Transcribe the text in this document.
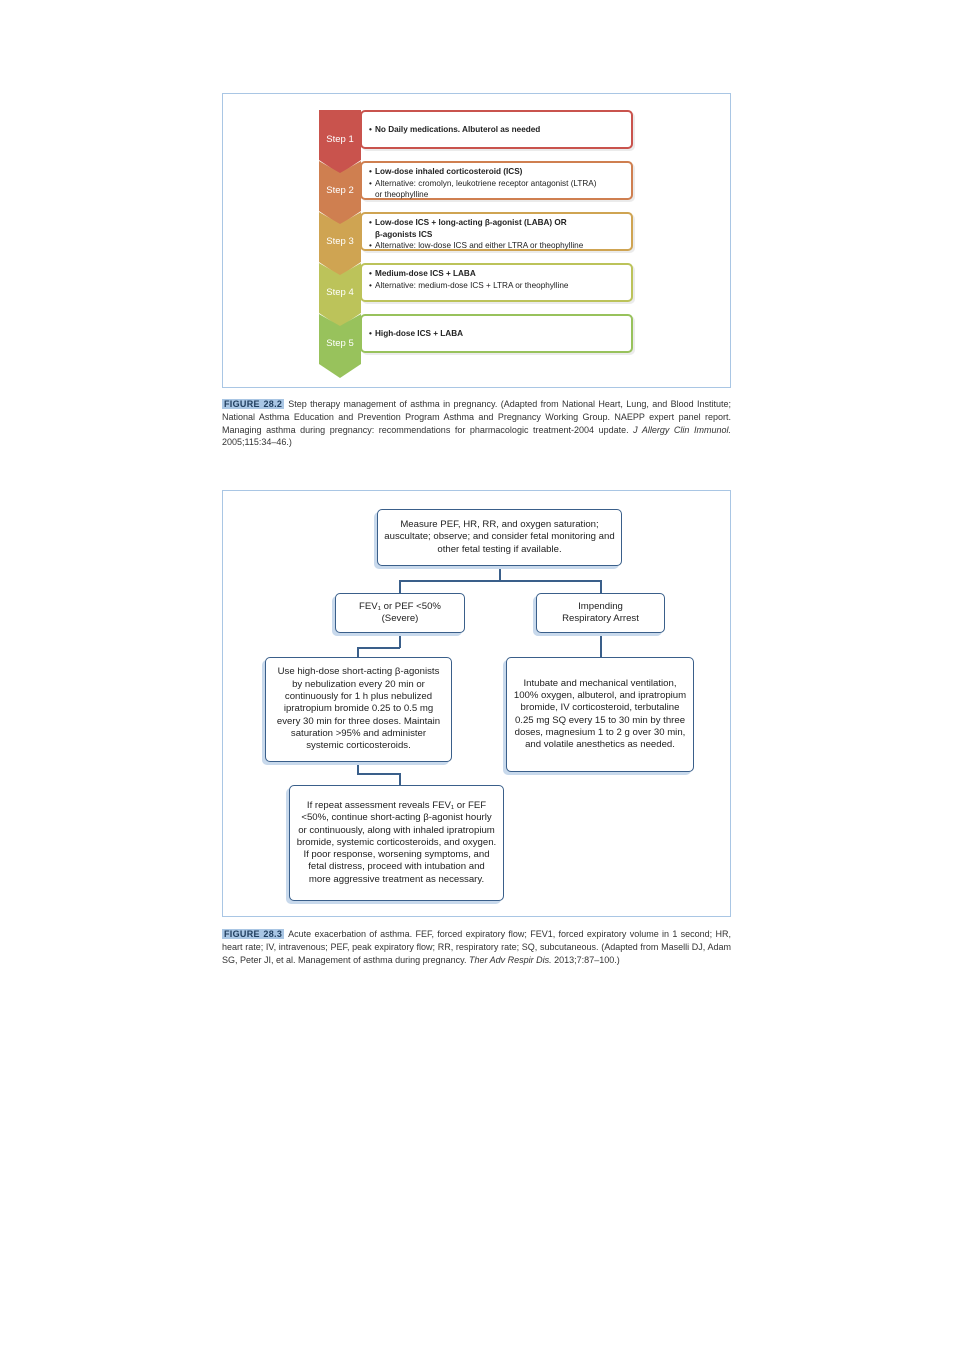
Step 1
• No Daily medications. Albuterol as needed
Step 2
• Low-dose inhaled corticosteroid (ICS)
• Alternative: cromolyn, leukotriene receptor antagonist (LTRA)
or theophylline
Step 3
• Low-dose ICS + long-acting β-agonist (LABA) OR
β-agonists ICS
• Alternative: low-dose ICS and either LTRA or theophylline
Step 4
• Medium-dose ICS + LABA
• Alternative: medium-dose ICS + LTRA or theophylline
Step 5
• High-dose ICS + LABA
FIGURE 28.2 Step therapy management of asthma in pregnancy. (Adapted from National Heart, Lung, and Blood Institute; National Asthma Education and Prevention Program Asthma and Pregnancy Working Group. NAEPP expert panel report. Managing asthma during pregnancy: recommendations for pharmacologic treatment-2004 update. J Allergy Clin Immunol. 2005;115:34–46.)
Measure PEF, HR, RR, and oxygen saturation; auscultate; observe; and consider fetal monitoring and other fetal testing if available.
FEV₁ or PEF <50% (Severe)
Impending Respiratory Arrest
Use high-dose short-acting β-agonists by nebulization every 20 min or continuously for 1 h plus nebulized ipratropium bromide 0.25 to 0.5 mg every 30 min for three doses. Maintain saturation >95% and administer systemic corticosteroids.
Intubate and mechanical ventilation, 100% oxygen, albuterol, and ipratropium bromide, IV corticosteroid, terbutaline 0.25 mg SQ every 15 to 30 min by three doses, magnesium 1 to 2 g over 30 min, and volatile anesthetics as needed.
If repeat assessment reveals FEV₁ or FEF <50%, continue short-acting β-agonist hourly or continuously, along with inhaled ipratropium bromide, systemic corticosteroids, and oxygen. If poor response, worsening symptoms, and fetal distress, proceed with intubation and more aggressive treatment as necessary.
FIGURE 28.3 Acute exacerbation of asthma. FEF, forced expiratory flow; FEV1, forced expiratory volume in 1 second; HR, heart rate; IV, intravenous; PEF, peak expiratory flow; RR, respiratory rate; SQ, subcutaneous. (Adapted from Maselli DJ, Adam SG, Peter JI, et al. Management of asthma during pregnancy. Ther Adv Respir Dis. 2013;7:87–100.)
